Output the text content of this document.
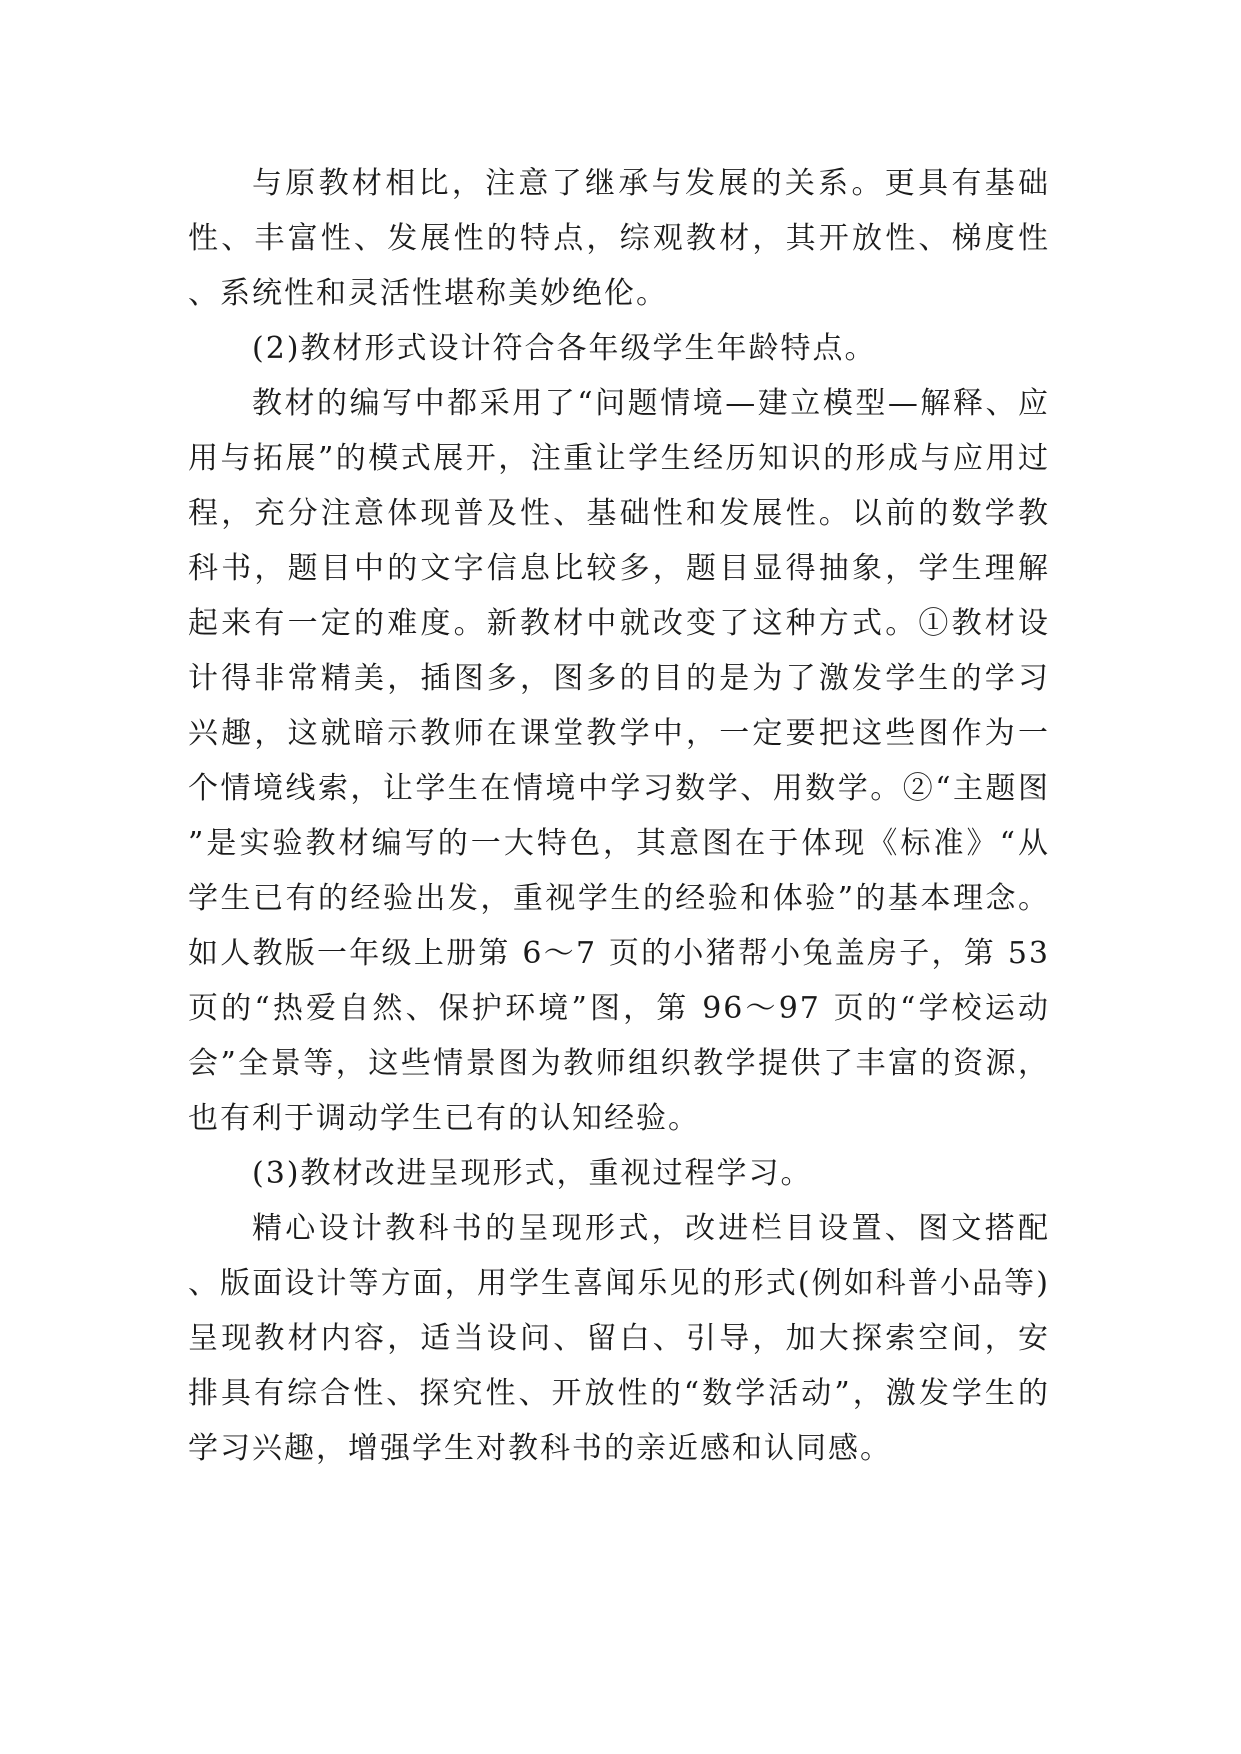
与原教材相比，注意了继承与发展的关系。更具有基础性、丰富性、发展性的特点，综观教材，其开放性、梯度性、系统性和灵活性堪称美妙绝伦。

(2)教材形式设计符合各年级学生年龄特点。

教材的编写中都采用了“问题情境—建立模型—解释、应用与拓展”的模式展开，注重让学生经历知识的形成与应用过程，充分注意体现普及性、基础性和发展性。以前的数学教科书，题目中的文字信息比较多，题目显得抽象，学生理解起来有一定的难度。新教材中就改变了这种方式。①教材设计得非常精美，插图多，图多的目的是为了激发学生的学习兴趣，这就暗示教师在课堂教学中，一定要把这些图作为一个情境线索，让学生在情境中学习数学、用数学。②“主题图”是实验教材编写的一大特色，其意图在于体现《标准》“从学生已有的经验出发，重视学生的经验和体验”的基本理念。如人教版一年级上册第 6～7 页的小猪帮小兔盖房子，第 53 页的“热爱自然、保护环境”图，第 96～97 页的“学校运动会”全景等，这些情景图为教师组织教学提供了丰富的资源，也有利于调动学生已有的认知经验。

(3)教材改进呈现形式，重视过程学习。

精心设计教科书的呈现形式，改进栏目设置、图文搭配、版面设计等方面，用学生喜闻乐见的形式(例如科普小品等)呈现教材内容，适当设问、留白、引导，加大探索空间，安排具有综合性、探究性、开放性的“数学活动”，激发学生的学习兴趣，增强学生对教科书的亲近感和认同感。
